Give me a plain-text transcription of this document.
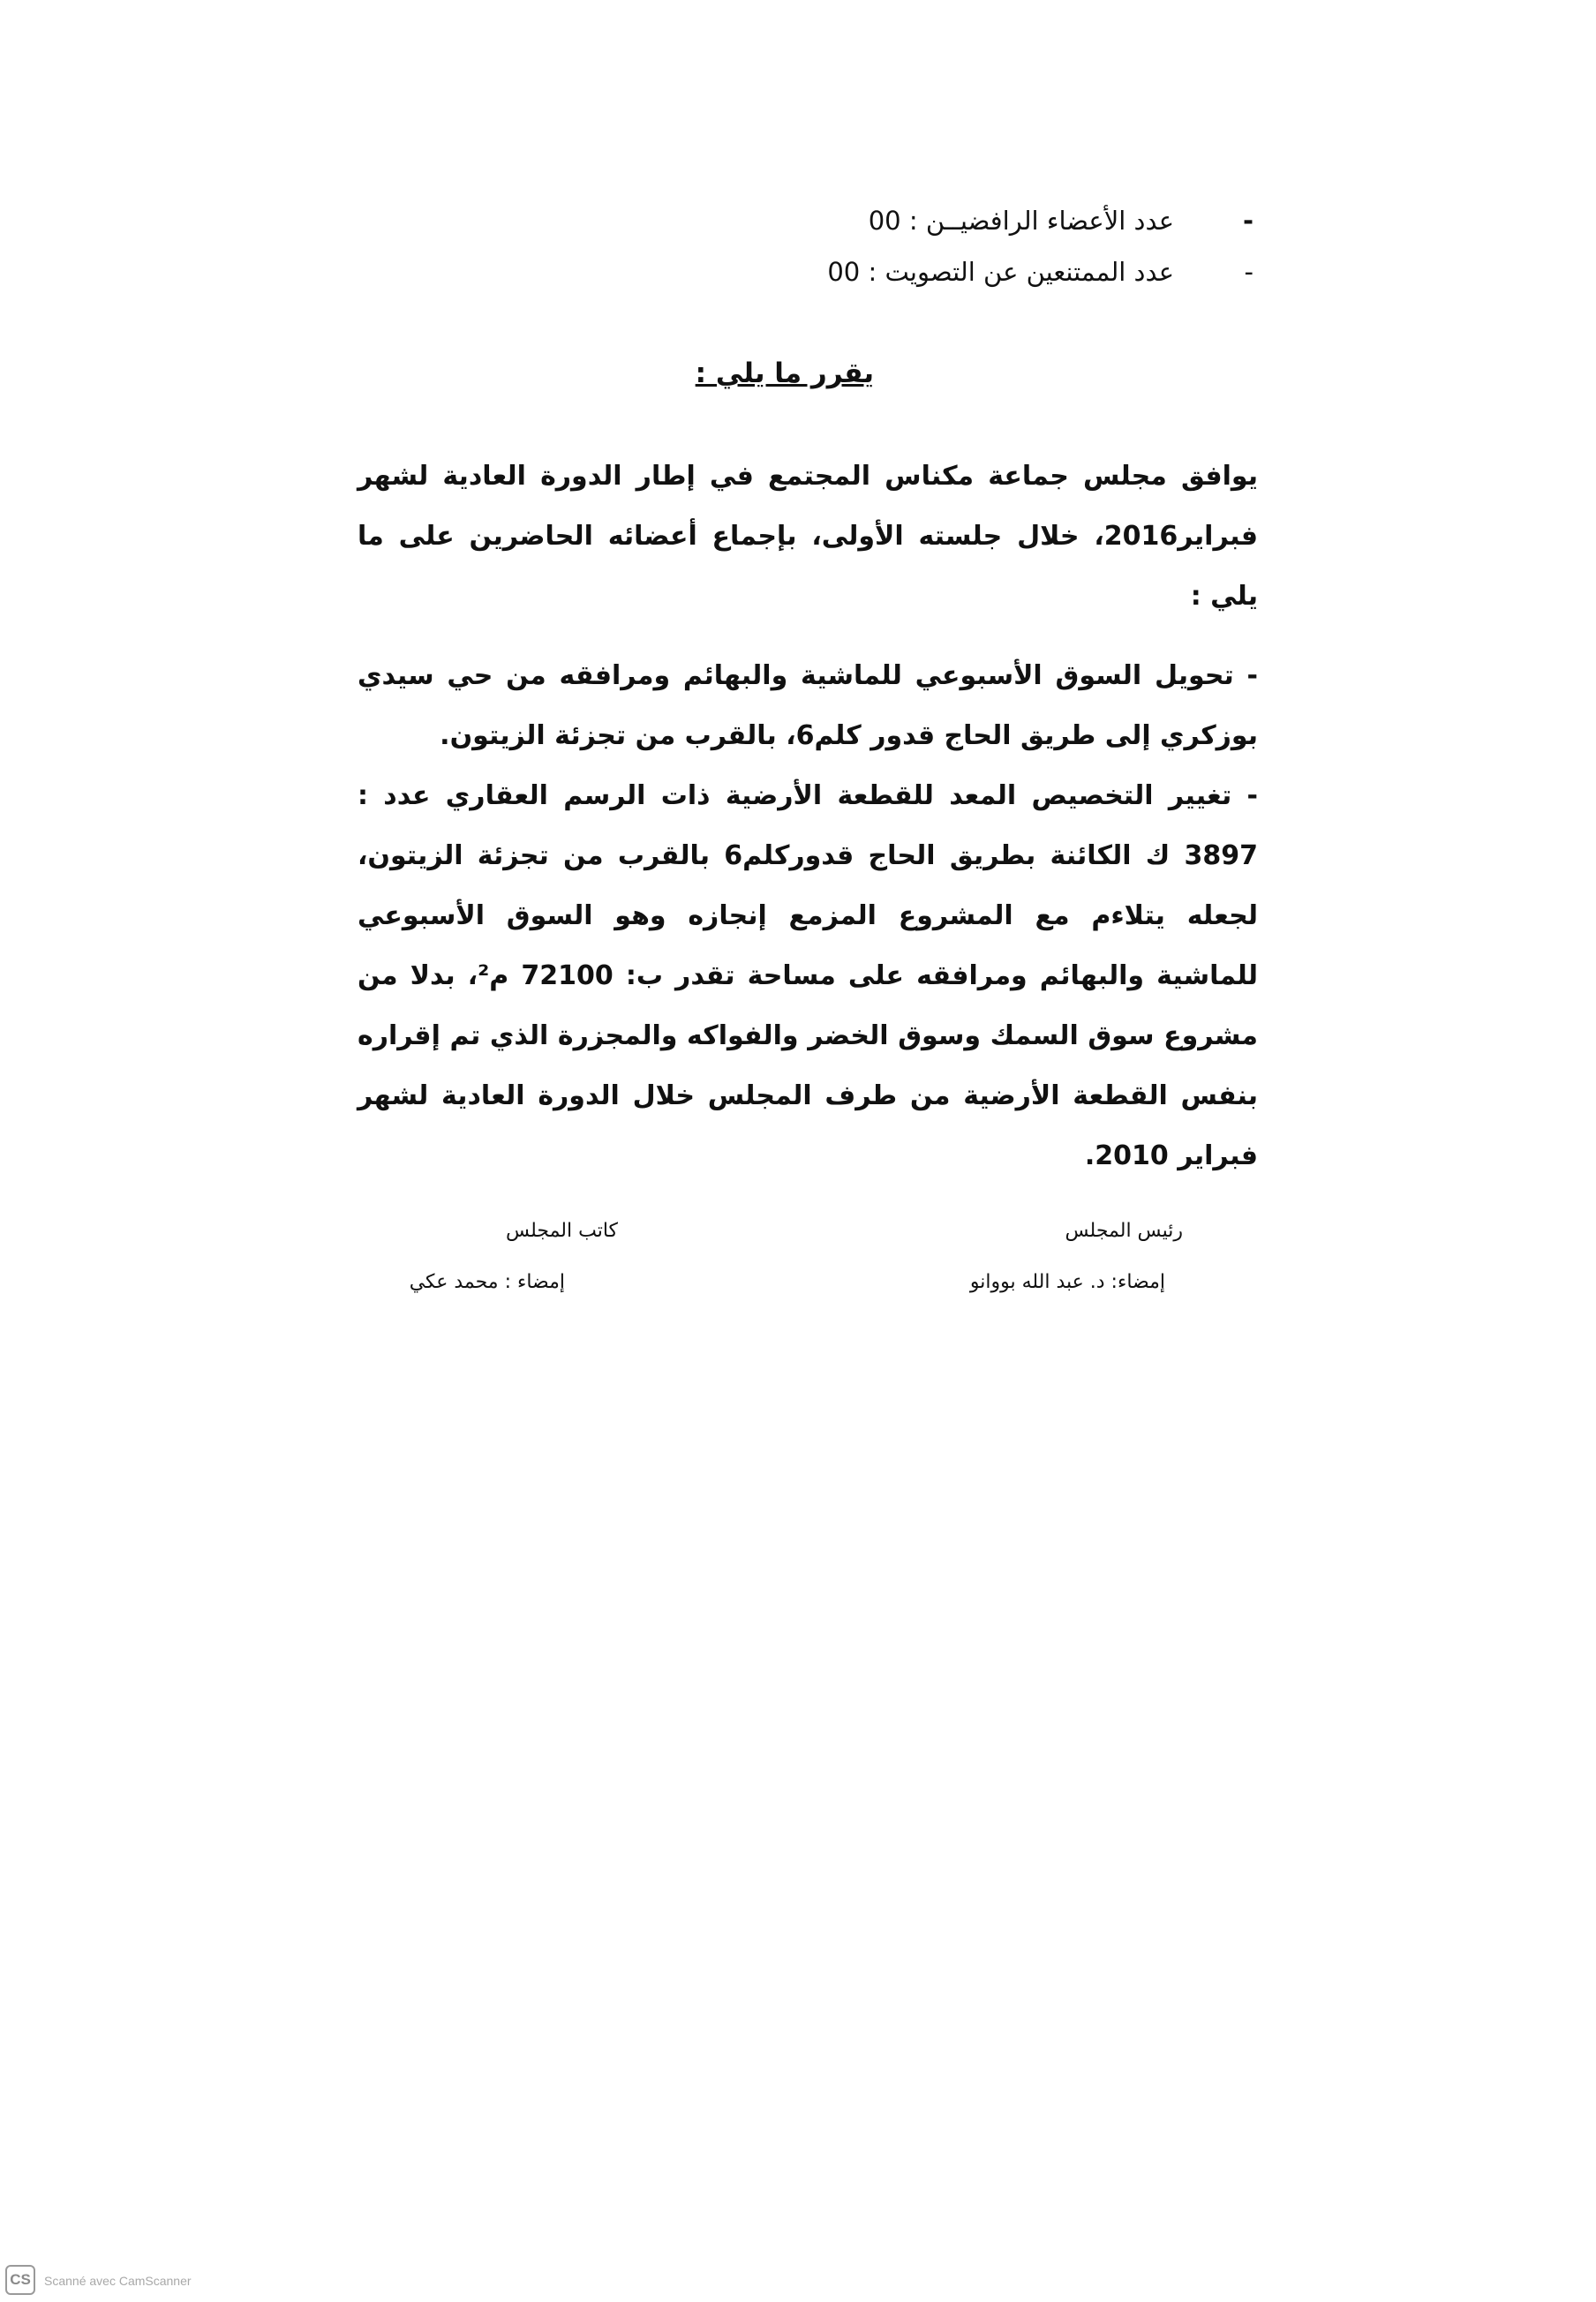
-
عدد الأعضاء الرافضيــن : 00
-
عدد الممتنعين عن التصويت : 00
يقرر ما يلي :
يوافق مجلس جماعة مكناس المجتمع في إطار الدورة العادية لشهر فبراير2016، خلال جلسته الأولى، بإجماع أعضائه الحاضرين على ما يلي :
- تحويل السوق الأسبوعي للماشية والبهائم ومرافقه من حي سيدي بوزكري إلى طريق الحاج قدور كلم6، بالقرب من تجزئة الزيتون.
- تغيير التخصيص المعد للقطعة الأرضية ذات الرسم العقاري عدد : 3897 ك الكائنة بطريق الحاج قدوركلم6 بالقرب من تجزئة الزيتون، لجعله يتلاءم مع المشروع المزمع إنجازه وهو السوق الأسبوعي للماشية والبهائم ومرافقه على مساحة تقدر ب: 72100 م²، بدلا من مشروع سوق السمك وسوق الخضر والفواكه والمجزرة الذي تم إقراره بنفس القطعة الأرضية من طرف المجلس خلال الدورة العادية لشهر فبراير 2010.
رئيس المجلس
إمضاء: د. عبد الله بووانو
كاتب المجلس
إمضاء : محمد عكي
CS	Scanné avec CamScanner
